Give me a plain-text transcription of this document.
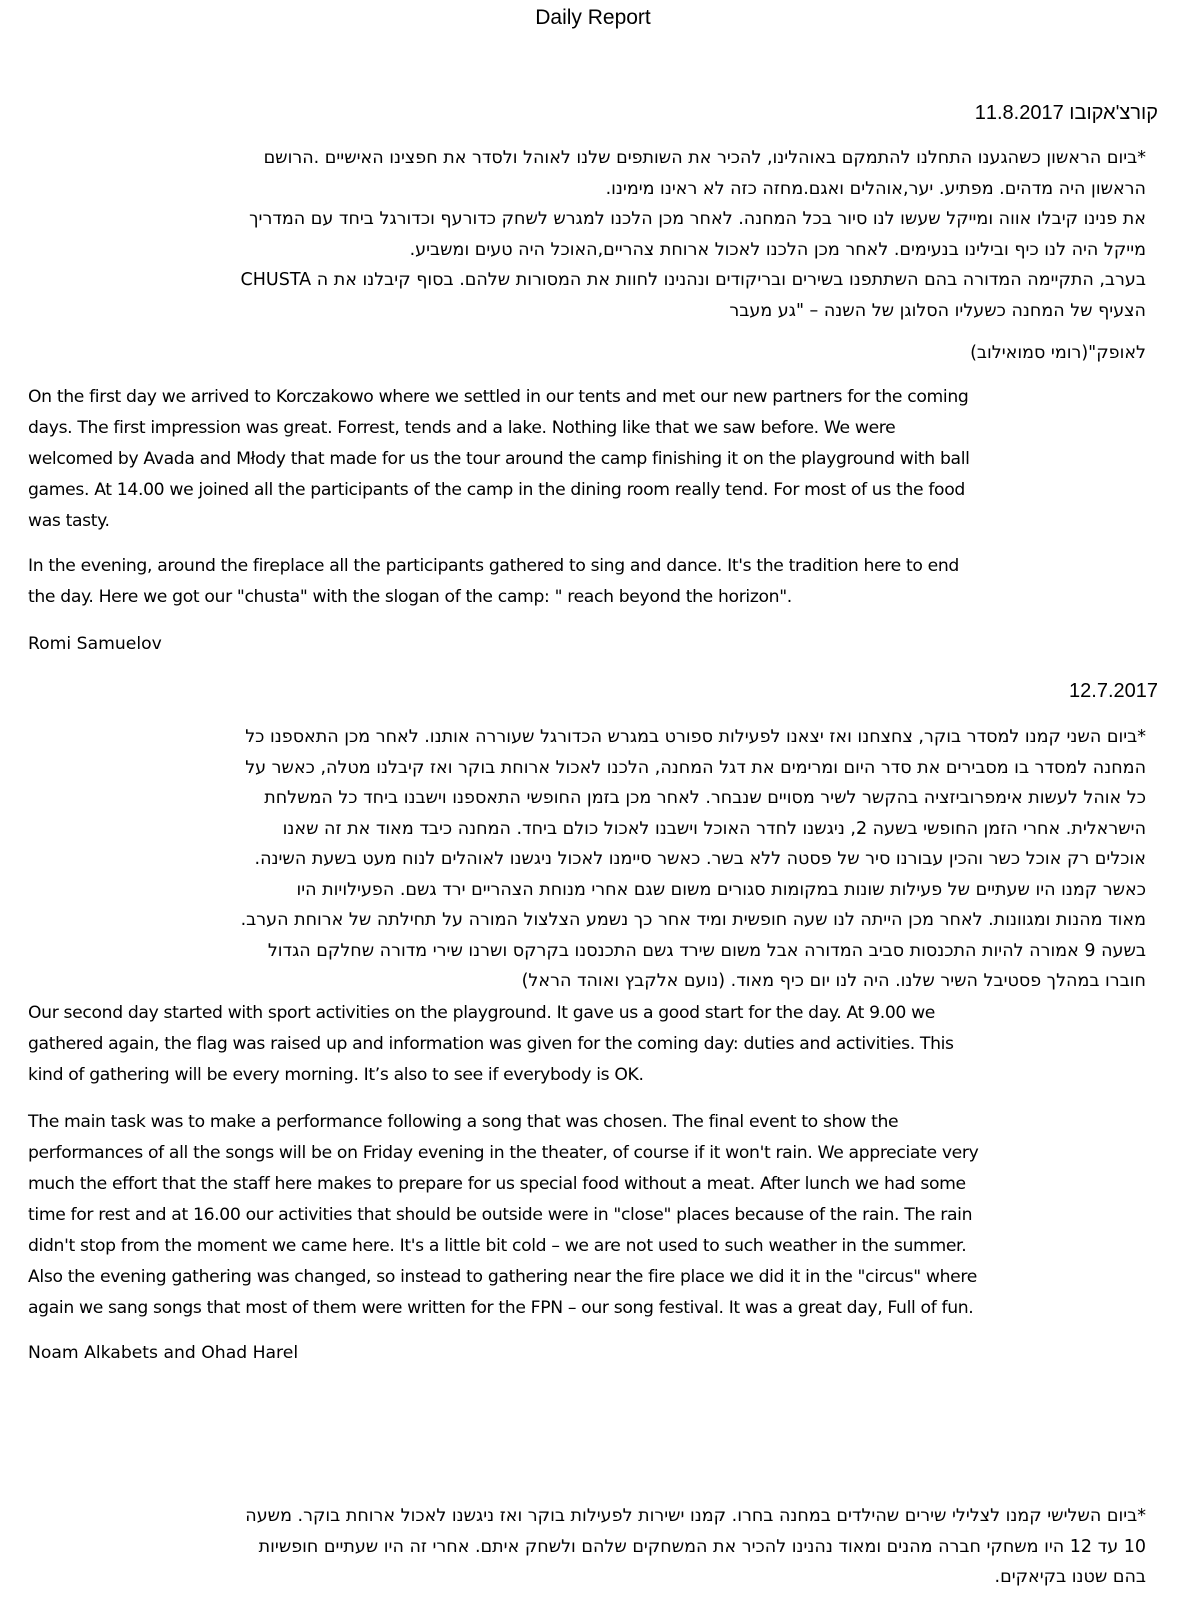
Daily Report
קורצ'אקובו 11.8.2017
*ביום הראשון כשהגענו התחלנו להתמקם באוהלינו, להכיר את השותפים שלנו לאוהל ולסדר את חפצינו האישיים .הרושם
הראשון היה מדהים. מפתיע. יער,אוהלים ואגם.מחזה כזה לא ראינו מימינו.
את פנינו קיבלו אווה ומייקל שעשו לנו סיור בכל המחנה. לאחר מכן הלכנו למגרש לשחק כדורעף וכדורגל ביחד עם המדריך
מייקל היה לנו כיף ובילינו בנעימים. לאחר מכן הלכנו לאכול ארוחת צהריים,האוכל היה טעים ומשביע.
בערב, התקיימה המדורה בהם השתתפנו בשירים ובריקודים ונהנינו לחוות את המסורות שלהם. בסוף קיבלנו את ה CHUSTA
הצעיף של המחנה כשעליו הסלוגן של השנה – "גע מעבר
לאופק"(רומי סמואילוב)
On the first day we arrived to Korczakowo where we settled in our tents and met our new partners for the coming
days. The first impression was great. Forrest, tends and a lake. Nothing like that we saw before. We were
welcomed by Avada and Młody that made for us the tour around the camp finishing it on the playground with ball
games. At 14.00 we joined all the participants of the camp in the dining room really tend. For most of us the food
was tasty.
In the evening, around the fireplace all the participants gathered to sing and dance. It's the tradition here to end
the day. Here we got our "chusta" with the slogan of the camp: " reach beyond the horizon".
Romi Samuelov
12.7.2017
*ביום השני קמנו למסדר בוקר, צחצחנו ואז יצאנו לפעילות ספורט במגרש הכדורגל שעוררה אותנו. לאחר מכן התאספנו כל
המחנה למסדר בו מסבירים את סדר היום ומרימים את דגל המחנה, הלכנו לאכול ארוחת בוקר ואז קיבלנו מטלה, כאשר על
כל אוהל לעשות אימפרוביזציה בהקשר לשיר מסויים שנבחר. לאחר מכן בזמן החופשי התאספנו וישבנו ביחד כל המשלחת
הישראלית. אחרי הזמן החופשי בשעה 2, ניגשנו לחדר האוכל וישבנו לאכול כולם ביחד. המחנה כיבד מאוד את זה שאנו
אוכלים רק אוכל כשר והכין עבורנו סיר של פסטה ללא בשר. כאשר סיימנו לאכול ניגשנו לאוהלים לנוח מעט בשעת השינה.
כאשר קמנו היו שעתיים של פעילות שונות במקומות סגורים משום שגם אחרי מנוחת הצהריים ירד גשם. הפעילויות היו
מאוד מהנות ומגוונות. לאחר מכן הייתה לנו שעה חופשית ומיד אחר כך נשמע הצלצול המורה על תחילתה של ארוחת הערב.
בשעה 9 אמורה להיות התכנסות סביב המדורה אבל משום שירד גשם התכנסנו בקרקס ושרנו שירי מדורה שחלקם הגדול
חוברו במהלך פסטיבל השיר שלנו. היה לנו יום כיף מאוד. (נועם אלקבץ ואוהד הראל)
Our second day started with sport activities on the playground. It gave us a good start for the day. At 9.00 we
gathered again, the flag was raised up and information was given for the coming day: duties and activities. This
kind of gathering will be every morning. It’s also to see if everybody is OK.
The main task was to make a performance following a song that was chosen. The final event to show the
performances of all the songs will be on Friday evening in the theater, of course if it won't rain. We appreciate very
much the effort that the staff here makes to prepare for us special food without a meat. After lunch we had some
time for rest and at 16.00 our activities that should be outside were in "close" places because of the rain. The rain
didn't stop from the moment we came here. It's a little bit cold – we are not used to such weather in the summer.
Also the evening gathering was changed, so instead to gathering near the fire place we did it in the "circus" where
again we sang songs that most of them were written for the FPN – our song festival. It was a great day, Full of fun.
Noam Alkabets and Ohad Harel
*ביום השלישי קמנו לצלילי שירים שהילדים במחנה בחרו. קמנו ישירות לפעילות בוקר ואז ניגשנו לאכול ארוחת בוקר. משעה
10 עד 12 היו משחקי חברה מהנים ומאוד נהנינו להכיר את המשחקים שלהם ולשחק איתם. אחרי זה היו שעתיים חופשיות
בהם שטנו בקיאקים.
